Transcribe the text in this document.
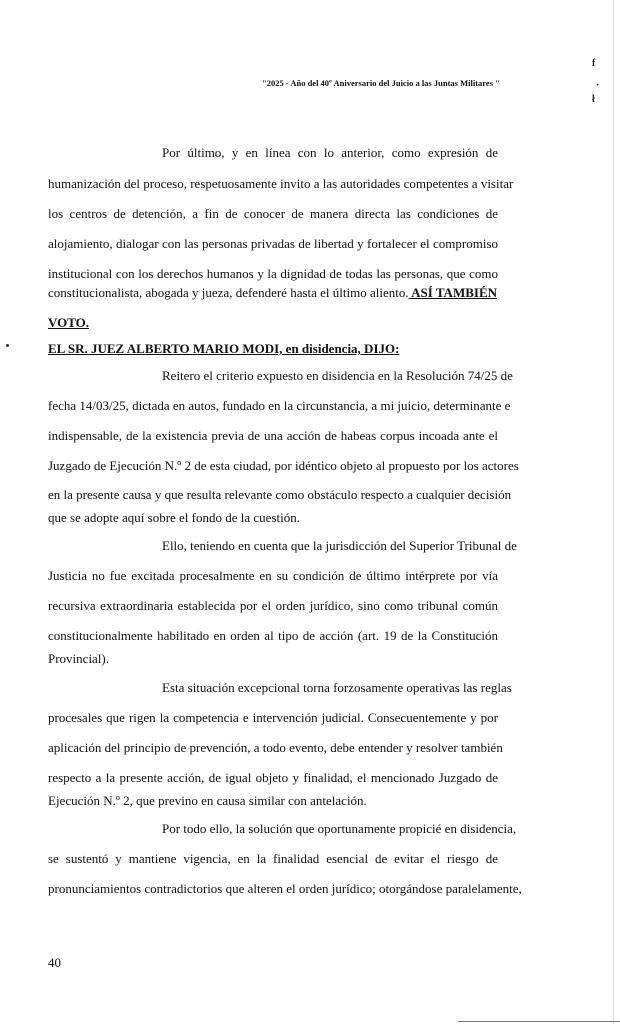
"2025 - Año del 40º Aniversario del Juicio a las Juntas Militares "
f
·
ł
Por último, y en línea con lo anterior, como expresión de
humanización del proceso, respetuosamente invito a las autoridades competentes a visitar
los centros de detención, a fin de conocer de manera directa las condiciones de
alojamiento, dialogar con las personas privadas de libertad y fortalecer el compromiso
institucional con los derechos humanos y la dignidad de todas las personas, que como
constitucionalista, abogada y jueza, defenderé hasta el último aliento. ASÍ TAMBIÉN
VOTO.
EL SR. JUEZ ALBERTO MARIO MODI, en disidencia, DIJO:
Reitero el criterio expuesto en disidencia en la Resolución 74/25 de
fecha 14/03/25, dictada en autos, fundado en la circunstancia, a mi juicio, determinante e
indispensable, de la existencia previa de una acción de habeas corpus incoada ante el
Juzgado de Ejecución N.º 2 de esta ciudad, por idéntico objeto al propuesto por los actores
en la presente causa y que resulta relevante como obstáculo respecto a cualquier decisión
que se adopte aquí sobre el fondo de la cuestión.
Ello, teniendo en cuenta que la jurisdicción del Superior Tribunal de
Justicia no fue excitada procesalmente en su condición de último intérprete por vía
recursiva extraordinaria establecida por el orden jurídico, sino como tribunal común
constitucionalmente habilitado en orden al tipo de acción (art. 19 de la Constitución
Provincial).
Esta situación excepcional torna forzosamente operativas las reglas
procesales que rigen la competencia e intervención judicial. Consecuentemente y por
aplicación del principio de prevención, a todo evento, debe entender y resolver también
respecto a la presente acción, de igual objeto y finalidad, el mencionado Juzgado de
Ejecución N.º 2, que previno en causa similar con antelación.
Por todo ello, la solución que oportunamente propicié en disidencia,
se sustentó y mantiene vigencia, en la finalidad esencial de evitar el riesgo de
pronunciamientos contradictorios que alteren el orden jurídico; otorgándose paralelamente,
40
